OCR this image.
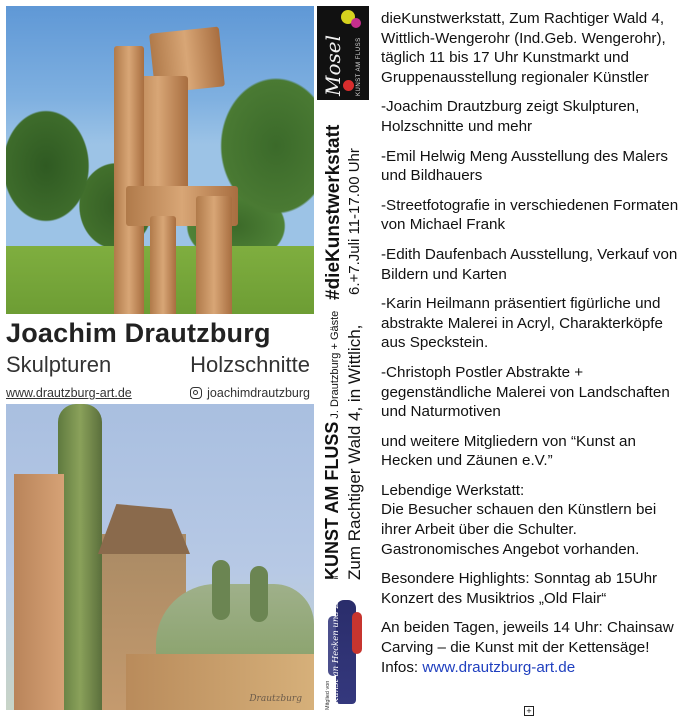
Joachim Drautzburg
Skulpturen	Holzschnitte
www.drautzburg-art.de	joachimdrautzburg
Drautzburg
Mosel KUNST AM FLUSS
#dieKunstwerkstatt 6.+7.Juli 11-17.00 Uhr
KUNST AM FLUSS J. Drautzburg + Gäste Zum Rachtiger Wald 4, in Wittlich,
Mitglied von Kunst an Hecken und Zäunen

dieKunstwerkstatt, Zum Rachtiger Wald 4, Wittlich-Wengerohr (Ind.Geb. Wengerohr), täglich 11 bis 17 Uhr Kunstmarkt und Gruppenausstellung regionaler Künstler

-Joachim Drautzburg zeigt Skulpturen, Holzschnitte und mehr

-Emil Helwig Meng Ausstellung des Malers und Bildhauers

-Streetfotografie in verschiedenen Formaten von Michael Frank

-Edith Daufenbach Ausstellung, Verkauf von Bildern und Karten

-Karin Heilmann präsentiert figürliche und abstrakte Malerei in Acryl, Charakterköpfe aus Speckstein.

-Christoph Postler Abstrakte + gegenständliche Malerei von Landschaften und Naturmotiven

und weitere Mitgliedern von “Kunst an Hecken und Zäunen e.V.”

Lebendige Werkstatt:

Die Besucher schauen den Künstlern bei ihrer Arbeit über die Schulter. Gastronomisches Angebot vorhanden.

Besondere Highlights: Sonntag ab 15Uhr Konzert des Musiktrios „Old Flair“

An beiden Tagen, jeweils 14 Uhr: Chainsaw Carving – die Kunst mit der Kettensäge!

Infos: www.drautzburg-art.de

+
